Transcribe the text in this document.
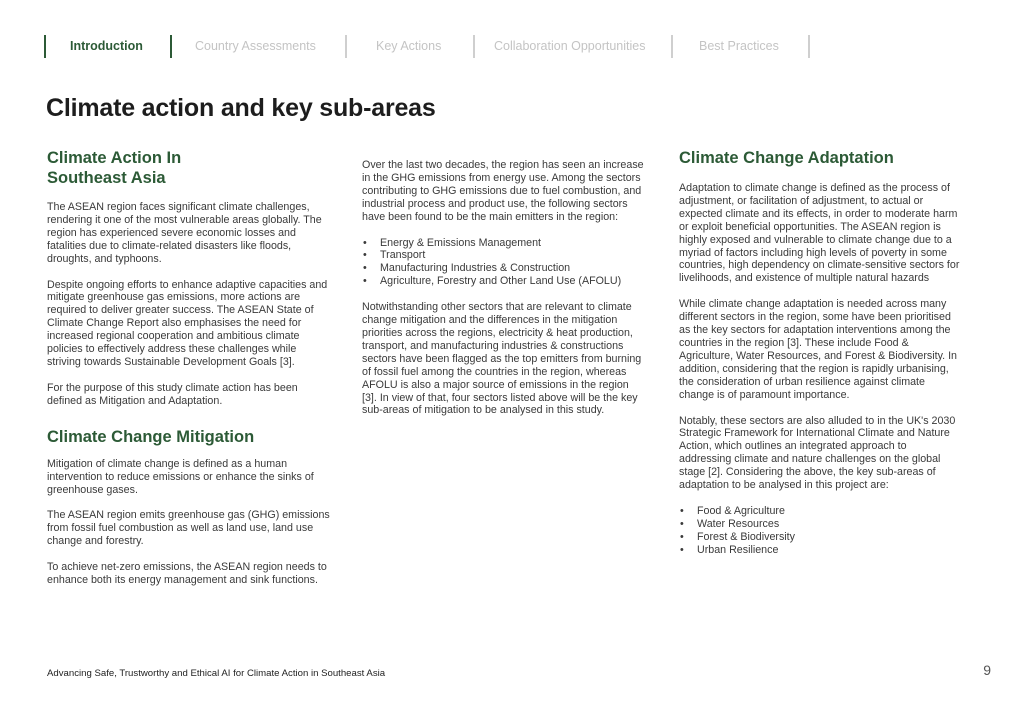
Introduction	Country Assessments	Key Actions	Collaboration Opportunities	Best Practices
Climate action and key sub-areas
Climate Action In
Southeast Asia

The ASEAN region faces significant climate challenges, rendering it one of the most vulnerable areas globally. The region has experienced severe economic losses and fatalities due to climate-related disasters like floods, droughts, and typhoons.

Despite ongoing efforts to enhance adaptive capacities and mitigate greenhouse gas emissions, more actions are required to deliver greater success. The ASEAN State of Climate Change Report also emphasises the need for increased regional cooperation and ambitious climate policies to effectively address these challenges while striving towards Sustainable Development Goals [3].

For the purpose of this study climate action has been defined as Mitigation and Adaptation.

Climate Change Mitigation

Mitigation of climate change is defined as a human intervention to reduce emissions or enhance the sinks of greenhouse gases.

The ASEAN region emits greenhouse gas (GHG) emissions from fossil fuel combustion as well as land use, land use change and forestry.

To achieve net-zero emissions, the ASEAN region needs to enhance both its energy management and sink functions.

Over the last two decades, the region has seen an increase in the GHG emissions from energy use. Among the sectors contributing to GHG emissions due to fuel combustion, and industrial process and product use, the following sectors have been found to be the main emitters in the region:

• Energy & Emissions Management
• Transport
• Manufacturing Industries & Construction
• Agriculture, Forestry and Other Land Use (AFOLU)

Notwithstanding other sectors that are relevant to climate change mitigation and the differences in the mitigation priorities across the regions, electricity & heat production, transport, and manufacturing industries & constructions sectors have been flagged as the top emitters from burning of fossil fuel among the countries in the region, whereas AFOLU is also a major source of emissions in the region [3]. In view of that, four sectors listed above will be the key sub-areas of mitigation to be analysed in this study.

Climate Change Adaptation

Adaptation to climate change is defined as the process of adjustment, or facilitation of adjustment, to actual or expected climate and its effects, in order to moderate harm or exploit beneficial opportunities. The ASEAN region is highly exposed and vulnerable to climate change due to a myriad of factors including high levels of poverty in some countries, high dependency on climate-sensitive sectors for livelihoods, and existence of multiple natural hazards

While climate change adaptation is needed across many different sectors in the region, some have been prioritised as the key sectors for adaptation interventions among the countries in the region [3]. These include Food & Agriculture, Water Resources, and Forest & Biodiversity. In addition, considering that the region is rapidly urbanising, the consideration of urban resilience against climate change is of paramount importance.

Notably, these sectors are also alluded to in the UK's 2030 Strategic Framework for International Climate and Nature Action, which outlines an integrated approach to addressing climate and nature challenges on the global stage [2]. Considering the above, the key sub-areas of adaptation to be analysed in this project are:

• Food & Agriculture
• Water Resources
• Forest & Biodiversity
• Urban Resilience
Advancing Safe, Trustworthy and Ethical AI for Climate Action in Southeast Asia	9
